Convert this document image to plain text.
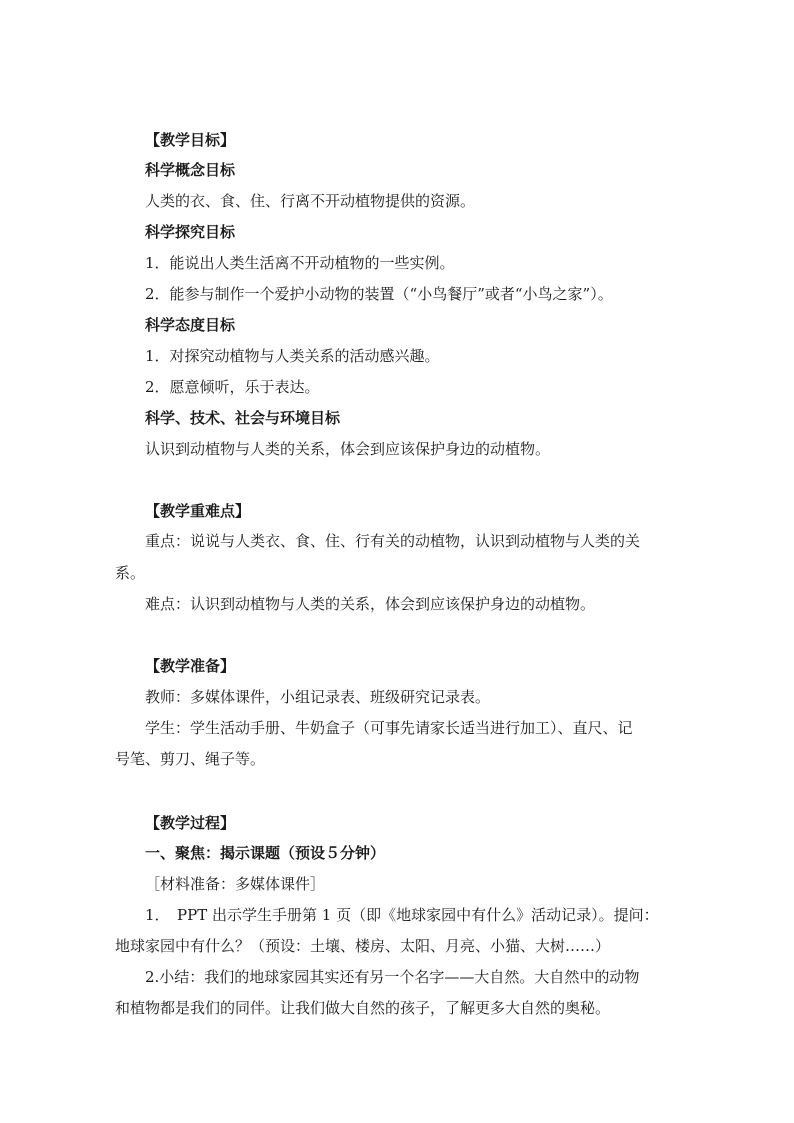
【教学目标】
科学概念目标
人类的衣、食、住、行离不开动植物提供的资源。
科学探究目标
1．能说出人类生活离不开动植物的一些实例。
2．能参与制作一个爱护小动物的装置（“小鸟餐厅”或者“小鸟之家”）。
科学态度目标
1．对探究动植物与人类关系的活动感兴趣。
2．愿意倾听，乐于表达。
科学、技术、社会与环境目标
认识到动植物与人类的关系，体会到应该保护身边的动植物。
【教学重难点】
重点：说说与人类衣、食、住、行有关的动植物，认识到动植物与人类的关
系。
难点：认识到动植物与人类的关系，体会到应该保护身边的动植物。
【教学准备】
教师：多媒体课件，小组记录表、班级研究记录表。
学生：学生活动手册、牛奶盒子（可事先请家长适当进行加工）、直尺、记
号笔、剪刀、绳子等。
【教学过程】
一、聚焦：揭示课题（预设５分钟）
［材料准备：多媒体课件］
1．　PPT 出示学生手册第 1 页（即《地球家园中有什么》活动记录）。提问：
地球家园中有什么？（预设：土壤、楼房、太阳、月亮、小猫、大树……）
2.小结：我们的地球家园其实还有另一个名字——大自然。大自然中的动物
和植物都是我们的同伴。让我们做大自然的孩子，了解更多大自然的奥秘。
